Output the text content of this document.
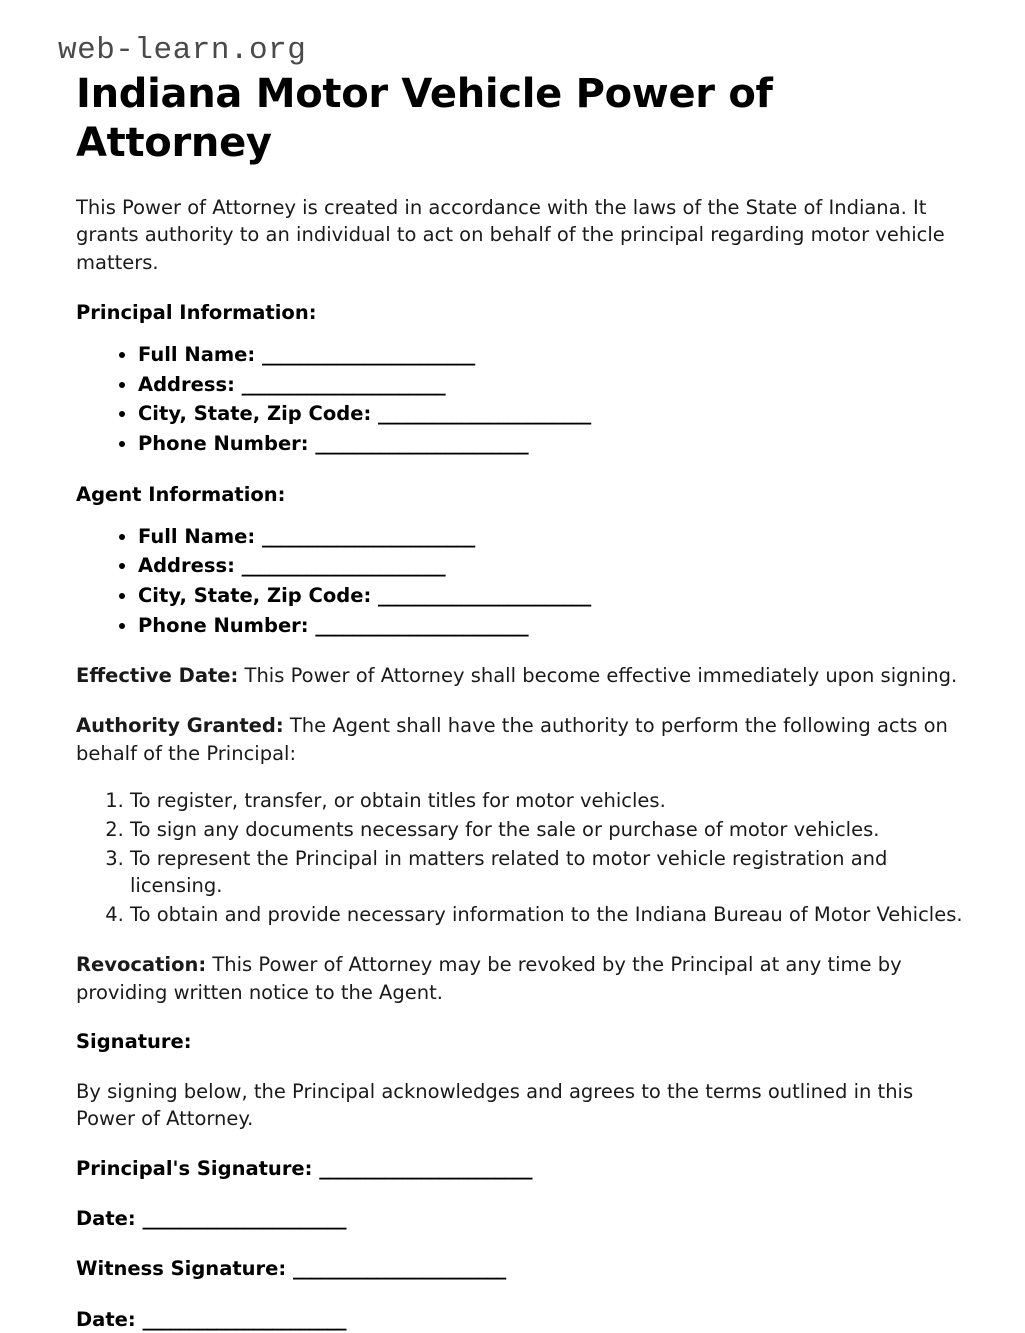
web-learn.org
Indiana Motor Vehicle Power of Attorney

This Power of Attorney is created in accordance with the laws of the State of Indiana. It grants authority to an individual to act on behalf of the principal regarding motor vehicle matters.

Principal Information:
• Full Name: _______________________
• Address: ______________________
• City, State, Zip Code: _______________________
• Phone Number: _______________________
Agent Information:
• Full Name: _______________________
• Address: ______________________
• City, State, Zip Code: _______________________
• Phone Number: _______________________

Effective Date: This Power of Attorney shall become effective immediately upon signing.

Authority Granted: The Agent shall have the authority to perform the following acts on behalf of the Principal:

1. To register, transfer, or obtain titles for motor vehicles.
2. To sign any documents necessary for the sale or purchase of motor vehicles.
3. To represent the Principal in matters related to motor vehicle registration and licensing.
4. To obtain and provide necessary information to the Indiana Bureau of Motor Vehicles.

Revocation: This Power of Attorney may be revoked by the Principal at any time by providing written notice to the Agent.

Signature:

By signing below, the Principal acknowledges and agrees to the terms outlined in this Power of Attorney.

Principal's Signature: _______________________

Date: ______________________

Witness Signature: _______________________

Date: ______________________
